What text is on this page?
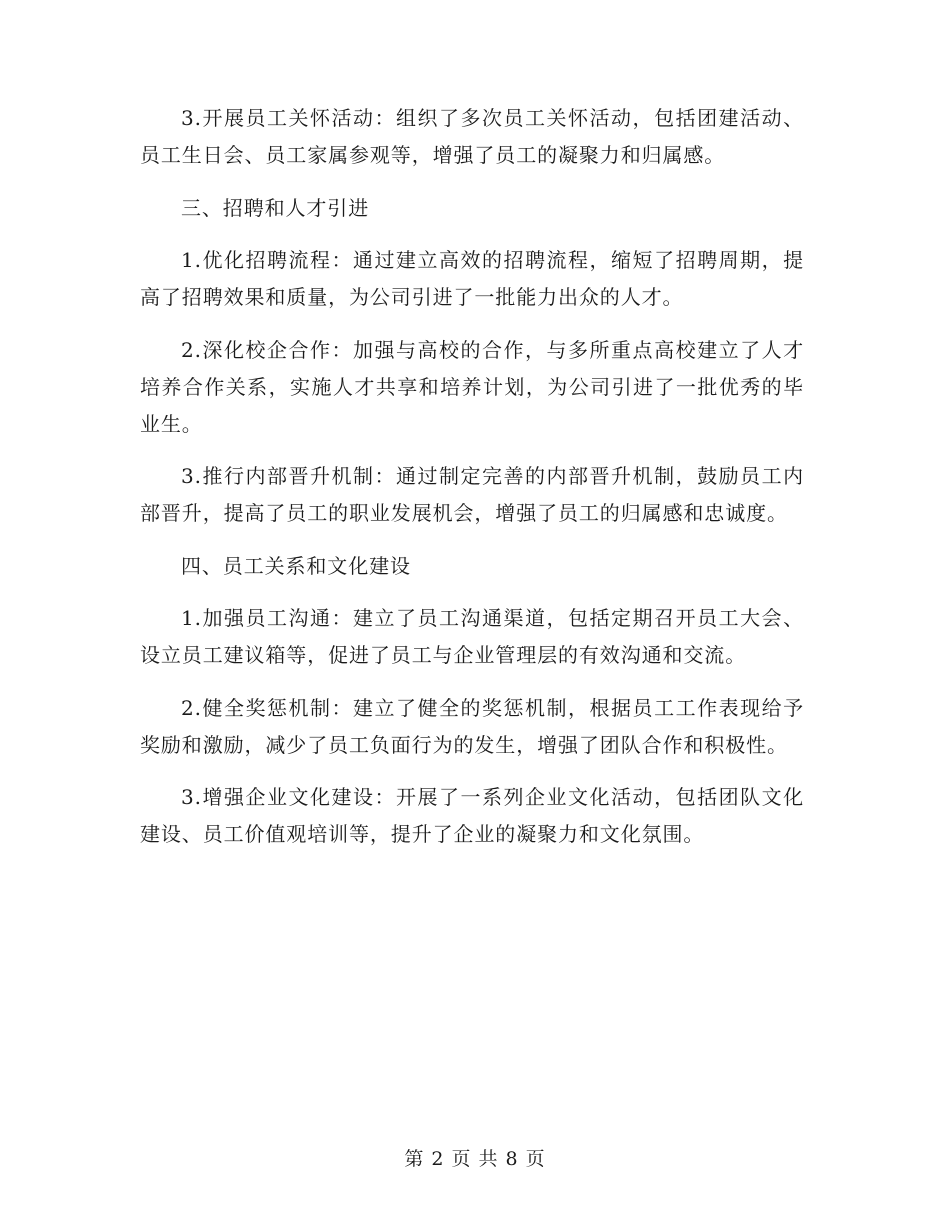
3.开展员工关怀活动：组织了多次员工关怀活动，包括团建活动、员工生日会、员工家属参观等，增强了员工的凝聚力和归属感。

三、招聘和人才引进

1.优化招聘流程：通过建立高效的招聘流程，缩短了招聘周期，提高了招聘效果和质量，为公司引进了一批能力出众的人才。

2.深化校企合作：加强与高校的合作，与多所重点高校建立了人才培养合作关系，实施人才共享和培养计划，为公司引进了一批优秀的毕业生。

3.推行内部晋升机制：通过制定完善的内部晋升机制，鼓励员工内部晋升，提高了员工的职业发展机会，增强了员工的归属感和忠诚度。

四、员工关系和文化建设

1.加强员工沟通：建立了员工沟通渠道，包括定期召开员工大会、设立员工建议箱等，促进了员工与企业管理层的有效沟通和交流。

2.健全奖惩机制：建立了健全的奖惩机制，根据员工工作表现给予奖励和激励，减少了员工负面行为的发生，增强了团队合作和积极性。

3.增强企业文化建设：开展了一系列企业文化活动，包括团队文化建设、员工价值观培训等，提升了企业的凝聚力和文化氛围。

第 2 页 共 8 页
